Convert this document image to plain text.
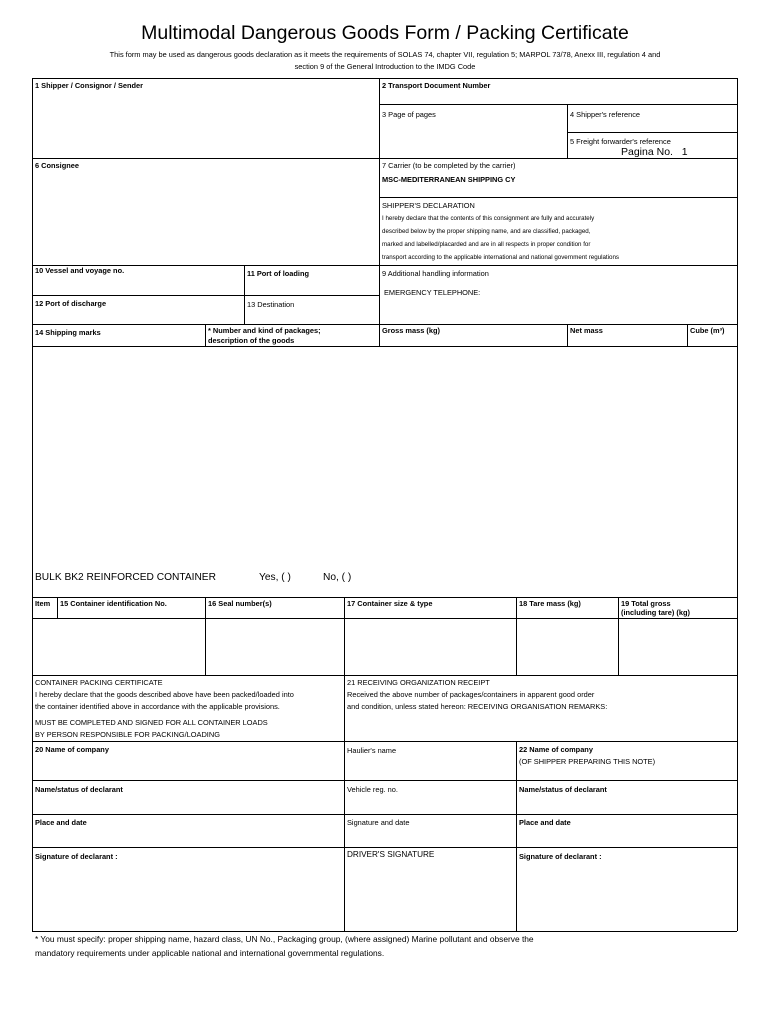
Multimodal Dangerous Goods Form / Packing Certificate
This form may be used as dangerous goods declaration as it meets the requirements of SOLAS 74, chapter VII, regulation 5; MARPOL 73/78, Anexx III, regulation 4 and
section 9 of the General Introduction to the IMDG Code
1 Shipper / Consignor / Sender	2 Transport Document Number
3 Page of pages	4 Shipper's reference
5 Freight forwarder's reference
Pagina No. 1
6 Consignee	7 Carrier (to be completed by the carrier)
MSC-MEDITERRANEAN SHIPPING CY
SHIPPER'S DECLARATION
I hereby declare that the contents of this consignment are fully and accurately
described below by the proper shipping name, and are classified, packaged,
marked and labelled/placarded and are in all respects in proper condition for
transport according to the applicable international and national government regulations
10 Vessel and voyage no.	11 Port of loading	9 Additional handling information
EMERGENCY TELEPHONE:
12 Port of discharge	13 Destination
14 Shipping marks	* Number and kind of packages;
description of the goods
Gross mass (kg)	Net mass	Cube (m³)
BULK BK2 REINFORCED CONTAINER	Yes, ( )	No, ( )
Item 15 Container identification No.	16 Seal number(s)	17 Container size & type	18 Tare mass (kg)	19 Total gross
(including tare) (kg)
CONTAINER PACKING CERTIFICATE
I hereby declare that the goods described above have been packed/loaded into
the container identified above in accordance with the applicable provisions.
MUST BE COMPLETED AND SIGNED FOR ALL CONTAINER LOADS
BY PERSON RESPONSIBLE FOR PACKING/LOADING
21 RECEIVING ORGANIZATION RECEIPT
Received the above number of packages/containers in apparent good order
and condition, unless stated hereon: RECEIVING ORGANISATION REMARKS:
20 Name of company	Haulier's name	22 Name of company
(OF SHIPPER PREPARING THIS NOTE)
Name/status of declarant	Vehicle reg. no.	Name/status of declarant
Place and date	Signature and date	Place and date
Signature of declarant :	DRIVER'S SIGNATURE	Signature of declarant :
* You must specify: proper shipping name, hazard class, UN No., Packaging group, (where assigned) Marine pollutant and observe the
mandatory requirements under applicable national and international governmental regulations.
